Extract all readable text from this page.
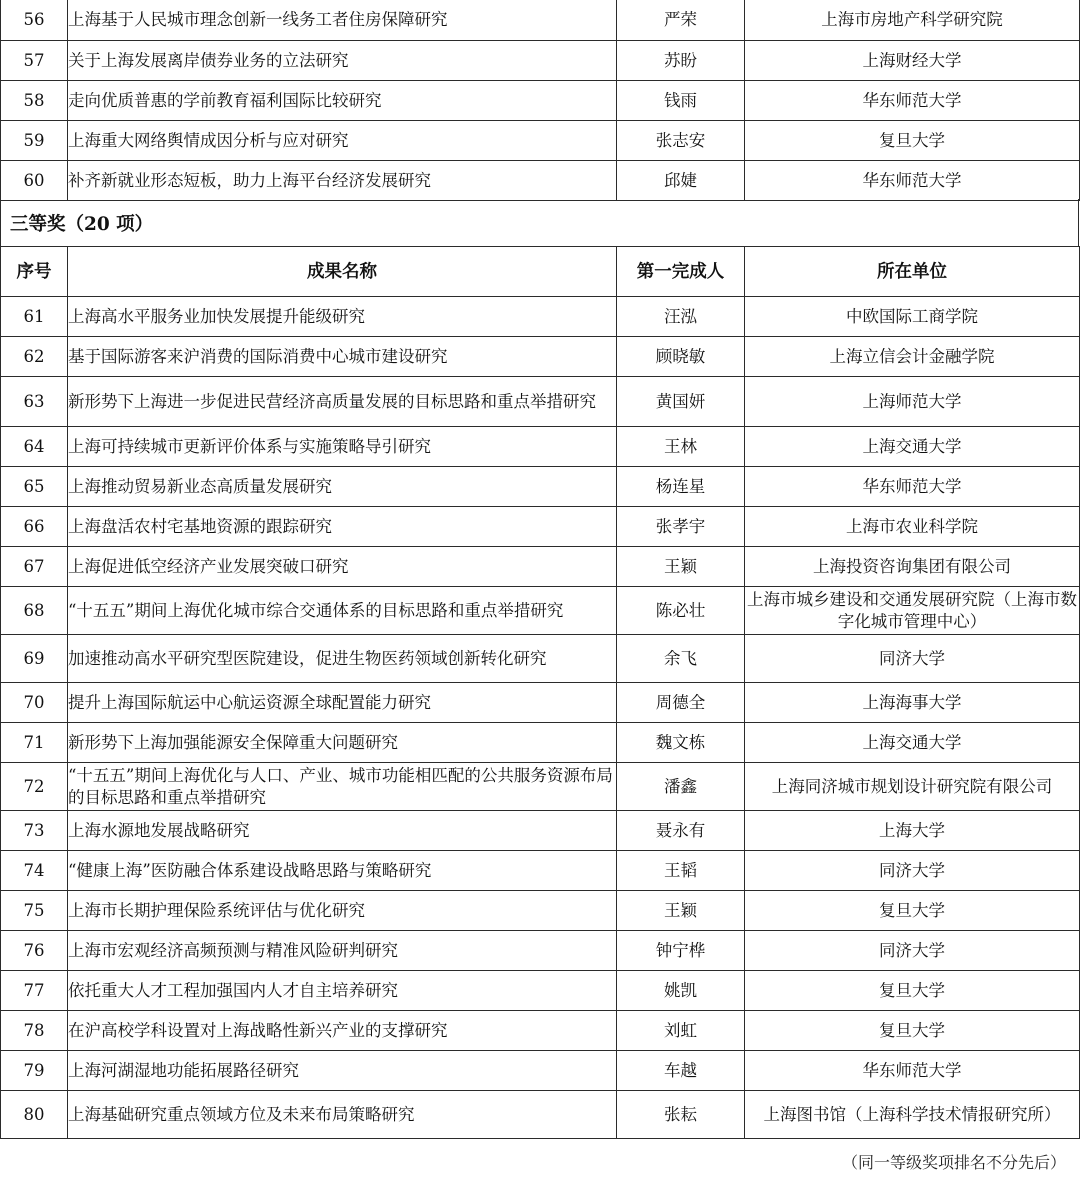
56	上海基于人民城市理念创新一线务工者住房保障研究	严荣	上海市房地产科学研究院
57	关于上海发展离岸债券业务的立法研究	苏盼	上海财经大学
58	走向优质普惠的学前教育福利国际比较研究	钱雨	华东师范大学
59	上海重大网络舆情成因分析与应对研究	张志安	复旦大学
60	补齐新就业形态短板，助力上海平台经济发展研究	邱婕	华东师范大学
三等奖（20 项）
序号	成果名称	第一完成人	所在单位
61	上海高水平服务业加快发展提升能级研究	汪泓	中欧国际工商学院
62	基于国际游客来沪消费的国际消费中心城市建设研究	顾晓敏	上海立信会计金融学院
63	新形势下上海进一步促进民营经济高质量发展的目标思路和重点举措研究	黄国妍	上海师范大学
64	上海可持续城市更新评价体系与实施策略导引研究	王林	上海交通大学
65	上海推动贸易新业态高质量发展研究	杨连星	华东师范大学
66	上海盘活农村宅基地资源的跟踪研究	张孝宇	上海市农业科学院
67	上海促进低空经济产业发展突破口研究	王颖	上海投资咨询集团有限公司
68	“十五五”期间上海优化城市综合交通体系的目标思路和重点举措研究	陈必壮	上海市城乡建设和交通发展研究院（上海市数字化城市管理中心）
69	加速推动高水平研究型医院建设，促进生物医药领域创新转化研究	余飞	同济大学
70	提升上海国际航运中心航运资源全球配置能力研究	周德全	上海海事大学
71	新形势下上海加强能源安全保障重大问题研究	魏文栋	上海交通大学
72	“十五五”期间上海优化与人口、产业、城市功能相匹配的公共服务资源布局的目标思路和重点举措研究	潘鑫	上海同济城市规划设计研究院有限公司
73	上海水源地发展战略研究	聂永有	上海大学
74	“健康上海”医防融合体系建设战略思路与策略研究	王韬	同济大学
75	上海市长期护理保险系统评估与优化研究	王颖	复旦大学
76	上海市宏观经济高频预测与精准风险研判研究	钟宁桦	同济大学
77	依托重大人才工程加强国内人才自主培养研究	姚凯	复旦大学
78	在沪高校学科设置对上海战略性新兴产业的支撑研究	刘虹	复旦大学
79	上海河湖湿地功能拓展路径研究	车越	华东师范大学
80	上海基础研究重点领域方位及未来布局策略研究	张耘	上海图书馆（上海科学技术情报研究所）
（同一等级奖项排名不分先后）
